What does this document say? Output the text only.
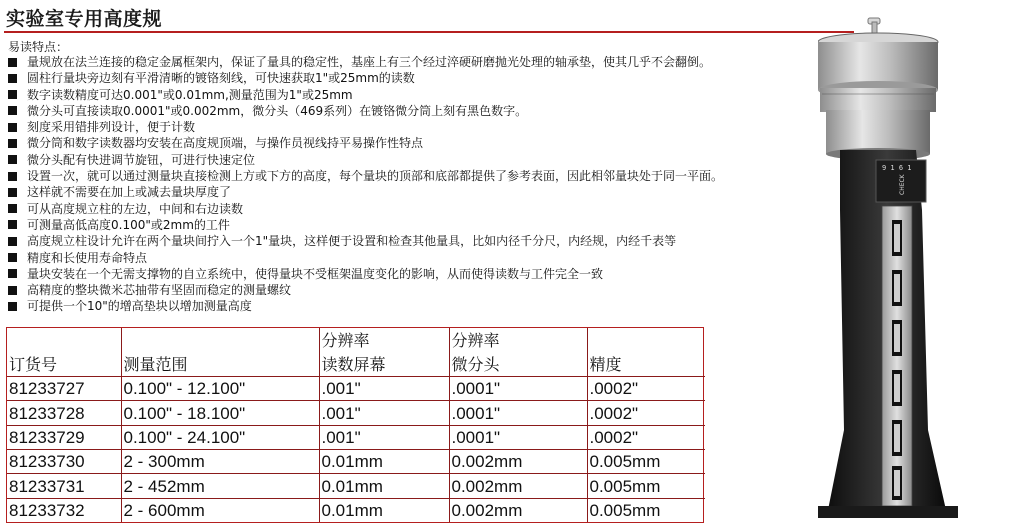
实验室专用高度规
易读特点：
量规放在法兰连接的稳定金属框架内，保证了量具的稳定性，基座上有三个经过淬硬研磨抛光处理的轴承垫，使其几乎不会翻倒。
圆柱行量块旁边刻有平滑清晰的镀铬刻线，可快速获取1"或25mm的读数
数字读数精度可达0.001"或0.01mm,测量范围为1"或25mm
微分头可直接读取0.0001"或0.002mm，微分头（469系列）在镀铬微分筒上刻有黑色数字。
刻度采用错排列设计，便于计数
微分筒和数字读数器均安装在高度规顶端，与操作员视线持平易操作性特点
微分头配有快进调节旋钮，可进行快速定位
设置一次，就可以通过测量块直接检测上方或下方的高度，每个量块的顶部和底部都提供了参考表面，因此相邻量块处于同一平面。
这样就不需要在加上或减去量块厚度了
可从高度规立柱的左边，中间和右边读数
可测量高低高度0.100"或2mm的工件
高度规立柱设计允许在两个量块间拧入一个1"量块，这样便于设置和检查其他量具，比如内径千分尺，内经规，内经千表等
精度和长使用寿命特点
量块安装在一个无需支撑物的自立系统中，使得量块不受框架温度变化的影响，从而使得读数与工件完全一致
高精度的整块微米芯抽带有坚固而稳定的测量螺纹
可提供一个10"的增高垫块以增加测量高度
		分辨率	分辨率	
订货号	测量范围	读数屏幕	微分头	精度
81233727	0.100" - 12.100"	.001"	.0001"	.0002"
81233728	0.100" - 18.100"	.001"	.0001"	.0002"
81233729	0.100" - 24.100"	.001"	.0001"	.0002"
81233730	2 - 300mm	0.01mm	0.002mm	0.005mm
81233731	2 - 452mm	0.01mm	0.002mm	0.005mm
81233732	2 - 600mm	0.01mm	0.002mm	0.005mm
9 1 6 1
CHECK
